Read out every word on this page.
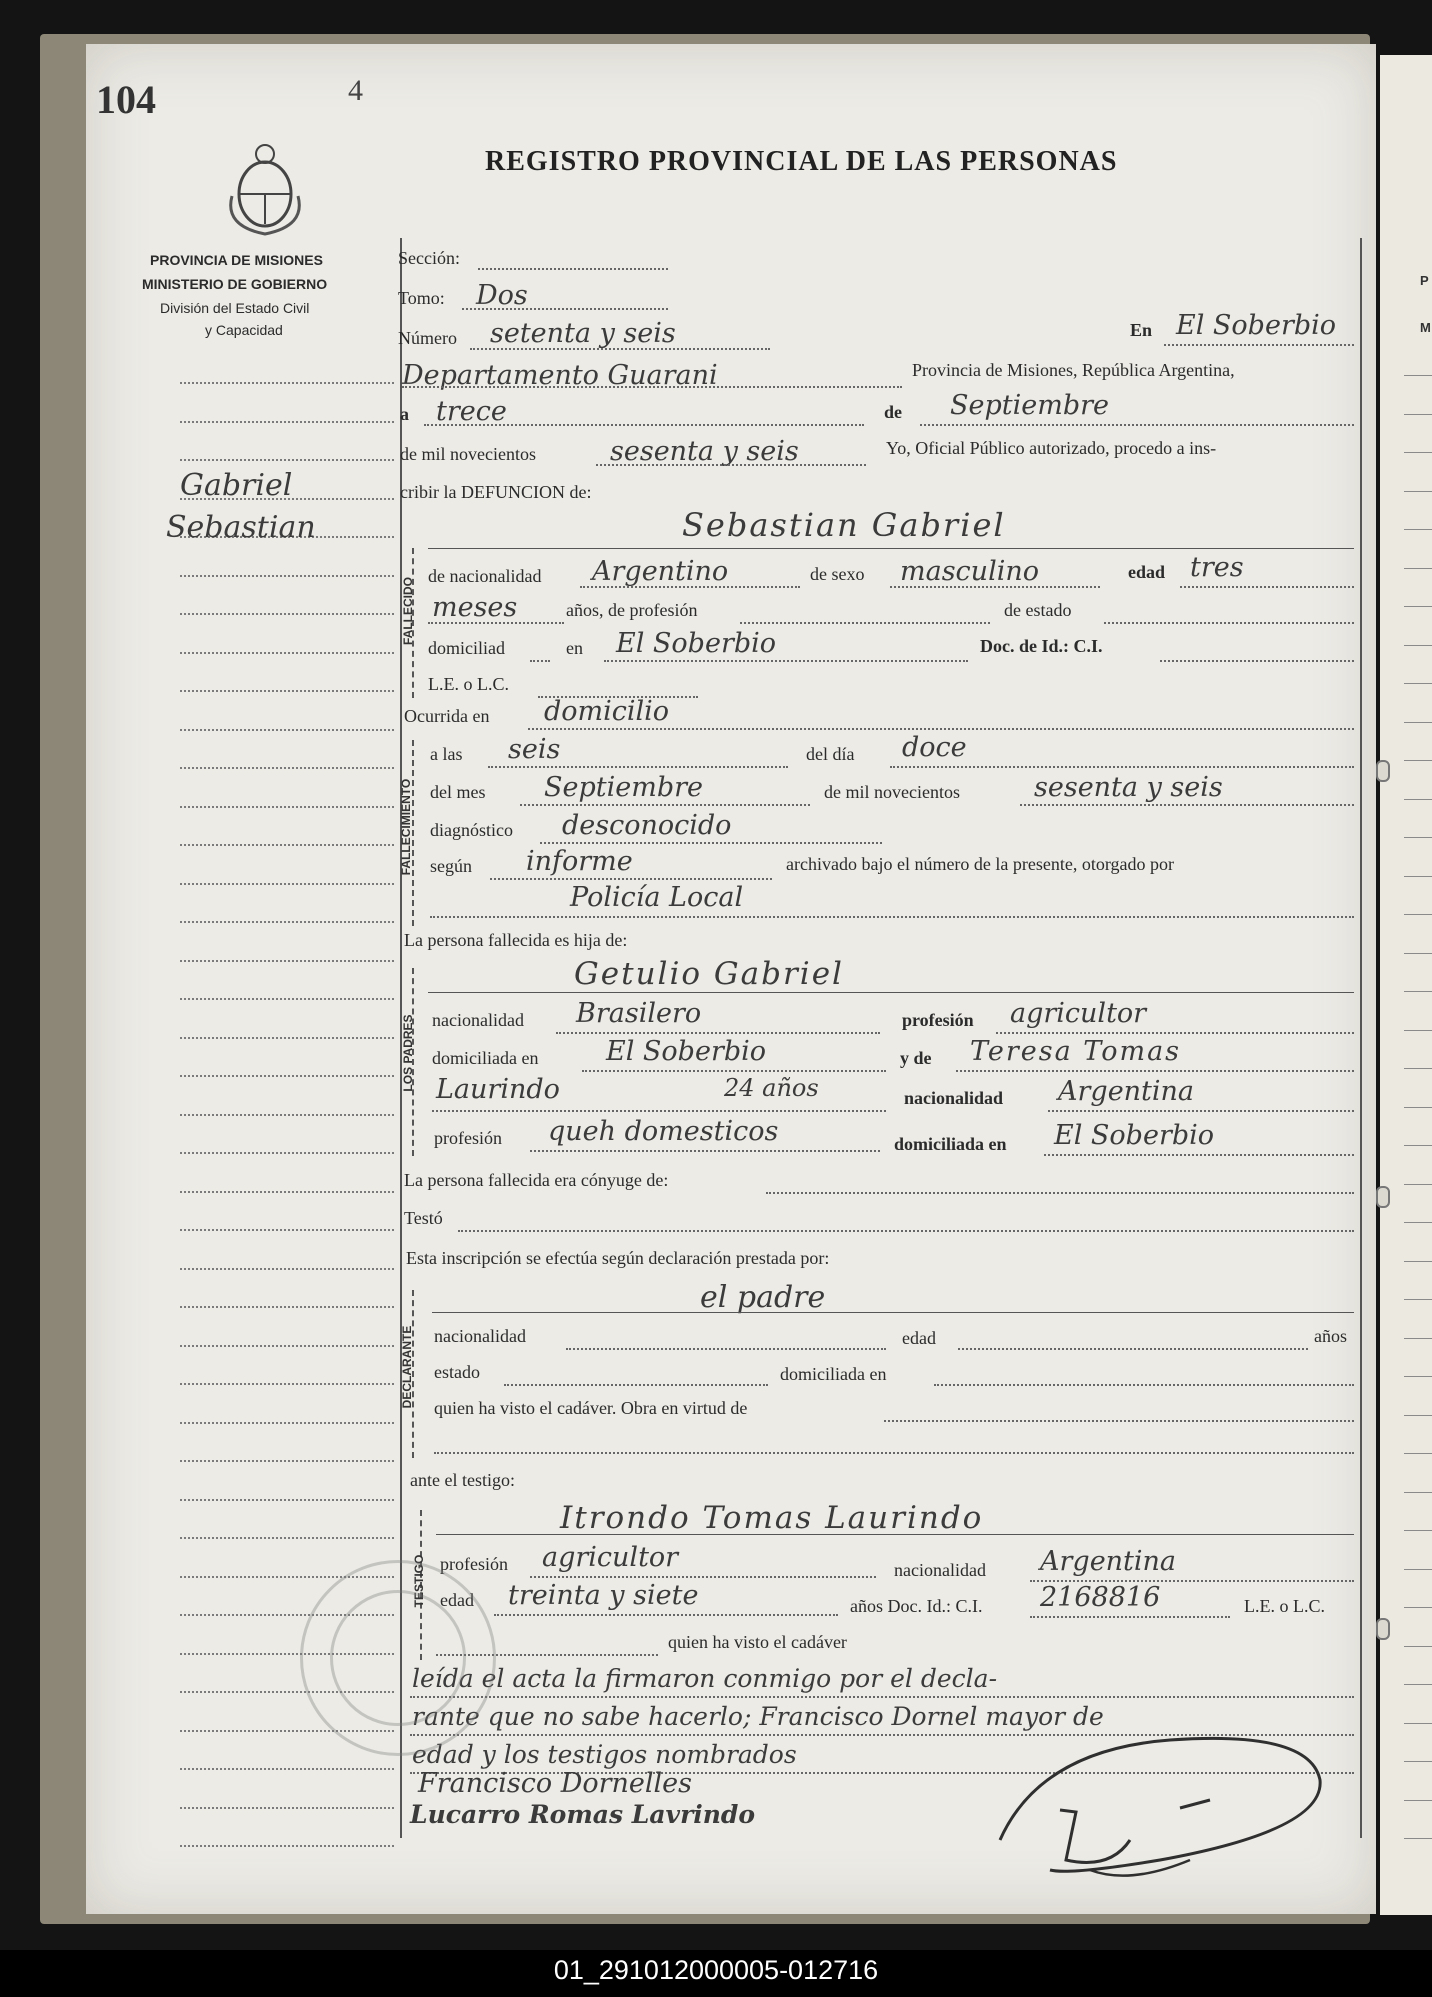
P
M
104	4
REGISTRO PROVINCIAL DE LAS PERSONAS
PROVINCIA DE MISIONES
MINISTERIO DE GOBIERNO
División del Estado Civil
y Capacidad
Gabriel
Sebastian
Sección:
Tomo: Dos
Número setenta y seis	En El Soberbio
Departamento Guarani	Provincia de Misiones, República Argentina,
a trece	de Septiembre
de mil novecientos	sesenta y seis	Yo, Oficial Público autorizado, procedo a ins-
cribir la DEFUNCION de:
FALLECIDO
Sebastian Gabriel
de nacionalidad Argentino	de sexo masculino	edad tres
meses	años, de profesión	de estado
domiciliad	en El Soberbio	Doc. de Id.: C.I.
L.E. o L.C.
Ocurrida en domicilio
FALLECIMIENTO
a las seis	del día doce
del mes Septiembre	de mil novecientos	sesenta y seis
diagnóstico desconocido
según informe	archivado bajo el número de la presente, otorgado por
Policía Local
La persona fallecida es hija de:
LOS PADRES
Getulio Gabriel
nacionalidad Brasilero	profesión agricultor
domiciliada en	El Soberbio	y de Teresa Tomas
Laurindo	24 años	nacionalidad Argentina
profesión queh domesticos	domiciliada en El Soberbio
La persona fallecida era cónyuge de:
Testó
Esta inscripción se efectúa según declaración prestada por:
DECLARANTE
el padre
nacionalidad	edad	años
estado	domiciliada en
quien ha visto el cadáver. Obra en virtud de
ante el testigo:
TESTIGO
Itrondo Tomas Laurindo
profesión agricultor	nacionalidad Argentina
edad treinta y siete	años Doc. Id.: C.I. 2168816	L.E. o L.C.
quien ha visto el cadáver
leída el acta la firmaron conmigo por el decla-
rante que no sabe hacerlo; Francisco Dornel mayor de
edad y los testigos nombrados
Francisco Dornelles
Lucarro Romas Lavrindo
01_291012000005-012716
